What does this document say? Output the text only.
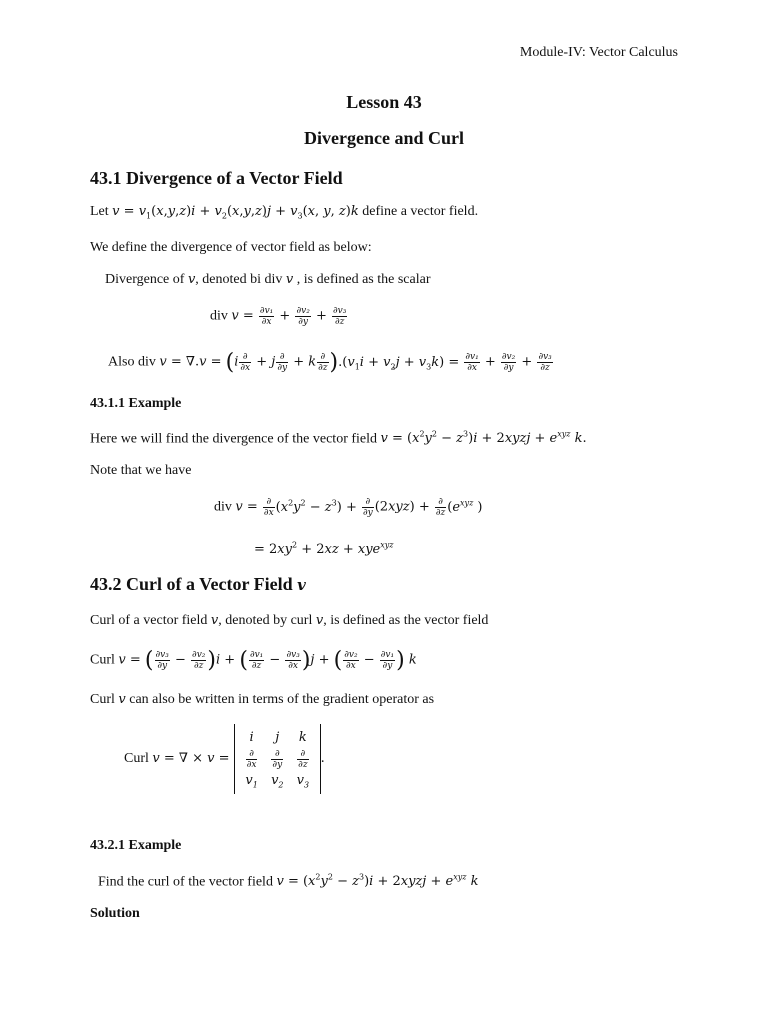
Module-IV: Vector Calculus
Lesson 43
Divergence and Curl
43.1 Divergence of a Vector Field
Let $v = v_1(x,y,z)i + v_2(x,y,z)j + v_3(x$, y, z)k define a vector field.
We define the divergence of vector field as below:
Divergence of v, denoted bi div v , is defined as the scalar
div $v = \frac{\text{∂v₁}}{\partial x} + \frac{\text{∂v₂}}{\partial y} + \frac{\text{∂v₃}}{\partial z}$
Also div $v = \nabla.v = (i \frac{\partial}{\partial x} + j \frac{\partial}{\partial y} + k \frac{\partial}{\partial z} ).(v_1i + v_2j + v_3k) = \frac{\text{∂v₁}}{\partial x} + \frac{\text{∂v₂}}{\partial y} + \frac{\text{∂v₃}}{\partial z}$
43.1.1 Example
Here we will find the divergence of the vector field $v = (x^2y^2 - z^3)i$ + 2xyzj + $e^{xyz}$ k.
Note that we have
div $v = \frac{\partial}{\partial x} (x^2y^2 - z^3) + \frac{\partial}{\partial y} (2xyz) + \frac{\partial}{\partial z} (e^{xyz}$ )
= $2xy^2 + 2xz + xye^{xyz}$
43.2 Curl of a Vector Field v
Curl of a vector field v, denoted by curl v, is defined as the vector field
Curl v = ( $\frac{\text{∂v₃}}{\partial y} - \frac{\text{∂v₂}}{\partial z} )i$ + ( $\frac{\text{∂v₁}}{\partial z} - \frac{\text{∂v₃}}{\partial x} )j$ + ( $\frac{\text{∂v₂}}{\partial x} - \frac{\text{∂v₁}}{\partial y}$ ) k
Curl v can also be written in terms of the gradient operator as
Curl v = ∇ × v =
i	j	k

$\frac{\partial}{\partial x}$	$\frac{\partial}{\partial y}$	$\frac{\partial}{\partial z}$

$v_1$	$v_2$	$v_3$
.
43.2.1 Example
Find the curl of the vector field $v = (x^2y^2 - z^3)i$ + 2xyzj + $e^{xyz}$ k
Solution
